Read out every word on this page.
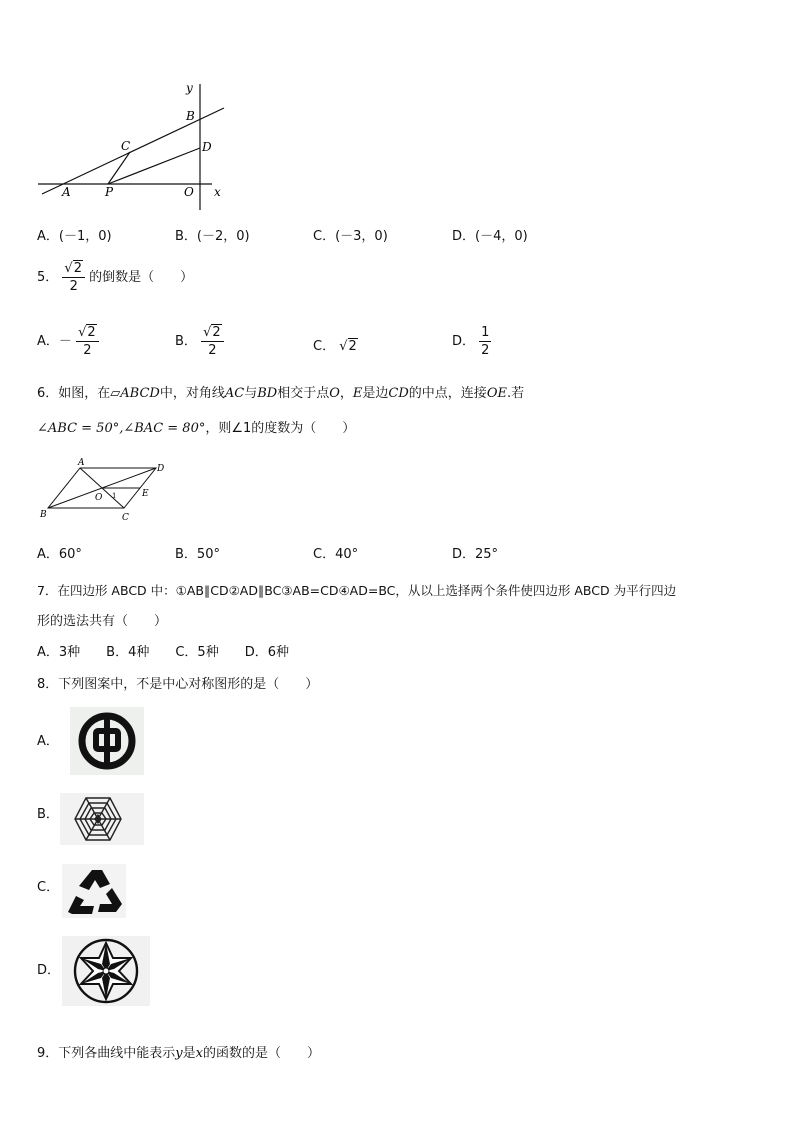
y
B
C	D
A	P	O x
A．(－1，0)	B．(－2，0)	C．(－3，0)	D．(－4，0)
5． $\frac{√2}{2}$ 的倒数是（　　）
A．－ $\frac{√2}{2}$	B． $\frac{√2}{2}$	C． √2	D． $\frac{1}{2}$
6．如图，在▱ABCD中，对角线AC与BD相交于点O，E是边CD的中点，连接OE.若
∠ABC = 50°,∠BAC = 80°，则∠1的度数为（　　）
A
D
O 1	E
B	C
A．60°	B．50°	C．40°	D．25°
7．在四边形 ABCD 中：①AB∥CD②AD∥BC③AB=CD④AD=BC，从以上选择两个条件使四边形 ABCD 为平行四边
形的选法共有（　　）
A．3种　　B．4种　　C．5种　　D．6种
8．下列图案中，不是中心对称图形的是（　　）
A．
B．
C．
D．
9．下列各曲线中能表示y是x的函数的是（　　）
